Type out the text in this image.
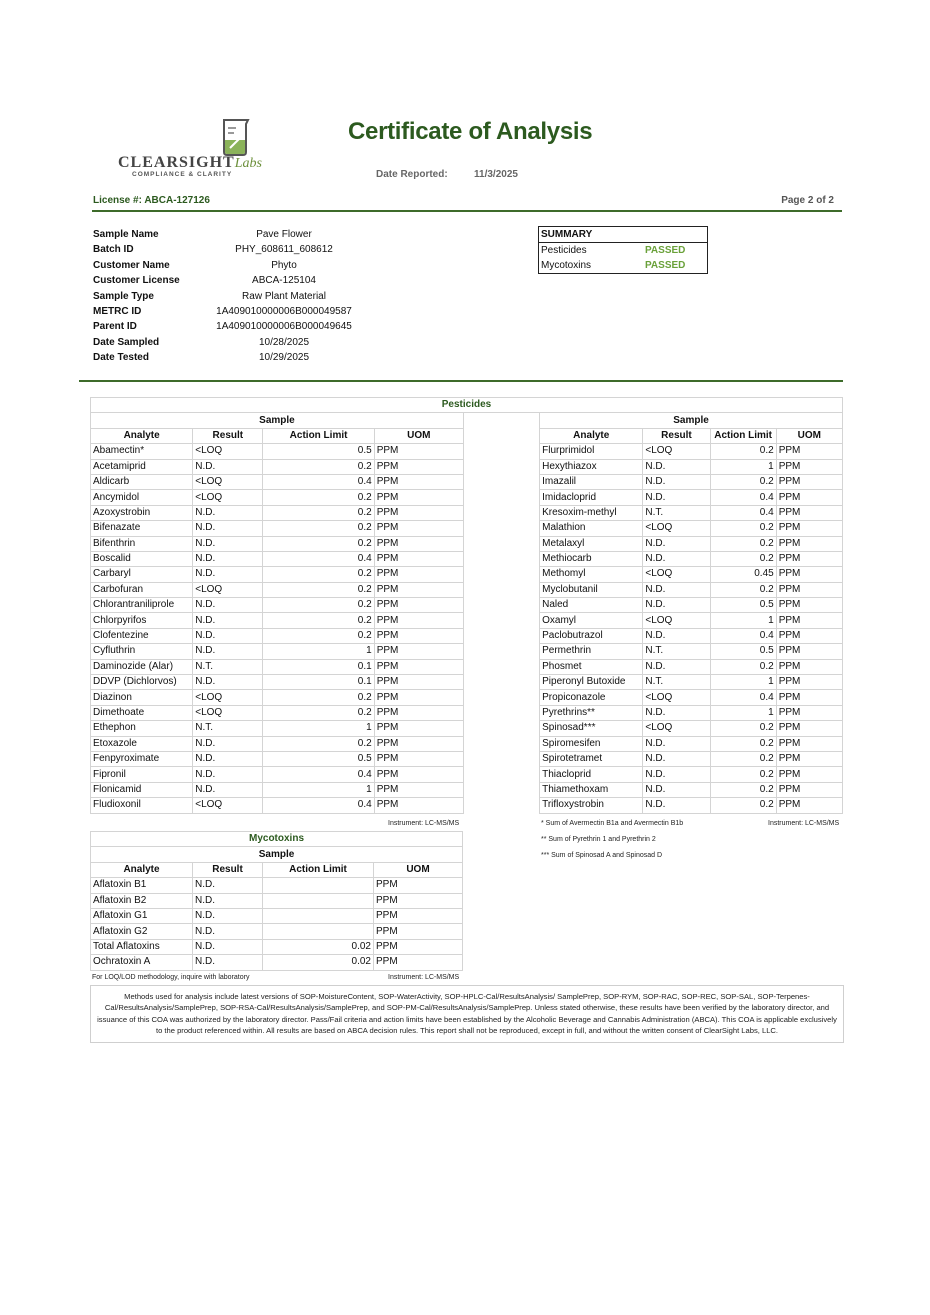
CLEARSIGHTLabs
COMPLIANCE & CLARITY
Certificate of Analysis
Date Reported:	11/3/2025
License #: ABCA-127126	Page 2 of 2
Sample Name	Pave Flower
Batch ID	PHY_608611_608612
Customer Name	Phyto
Customer License	ABCA-125104
Sample Type	Raw Plant Material
METRC ID	1A409010000006B000049587
Parent ID	1A409010000006B000049645
Date Sampled	10/28/2025
Date Tested	10/29/2025
SUMMARY	
Pesticides	PASSED
Mycotoxins	PASSED
Pesticides								
Sample					Sample			
Analyte	Result	Action Limit	UOM		Analyte	Result	Action Limit	UOM
Abamectin*	<LOQ	0.5	PPM		Flurprimidol	<LOQ	0.2	PPM
Acetamiprid	N.D.	0.2	PPM		Hexythiazox	N.D.	1	PPM
Aldicarb	<LOQ	0.4	PPM		Imazalil	N.D.	0.2	PPM
Ancymidol	<LOQ	0.2	PPM		Imidacloprid	N.D.	0.4	PPM
Azoxystrobin	N.D.	0.2	PPM		Kresoxim-methyl	N.T.	0.4	PPM
Bifenazate	N.D.	0.2	PPM		Malathion	<LOQ	0.2	PPM
Bifenthrin	N.D.	0.2	PPM		Metalaxyl	N.D.	0.2	PPM
Boscalid	N.D.	0.4	PPM		Methiocarb	N.D.	0.2	PPM
Carbaryl	N.D.	0.2	PPM		Methomyl	<LOQ	0.45	PPM
Carbofuran	<LOQ	0.2	PPM		Myclobutanil	N.D.	0.2	PPM
Chlorantraniliprole	N.D.	0.2	PPM		Naled	N.D.	0.5	PPM
Chlorpyrifos	N.D.	0.2	PPM		Oxamyl	<LOQ	1	PPM
Clofentezine	N.D.	0.2	PPM		Paclobutrazol	N.D.	0.4	PPM
Cyfluthrin	N.D.	1	PPM		Permethrin	N.T.	0.5	PPM
Daminozide (Alar)	N.T.	0.1	PPM		Phosmet	N.D.	0.2	PPM
DDVP (Dichlorvos)	N.D.	0.1	PPM		Piperonyl Butoxide	N.T.	1	PPM
Diazinon	<LOQ	0.2	PPM		Propiconazole	<LOQ	0.4	PPM
Dimethoate	<LOQ	0.2	PPM		Pyrethrins**	N.D.	1	PPM
Ethephon	N.T.	1	PPM		Spinosad***	<LOQ	0.2	PPM
Etoxazole	N.D.	0.2	PPM		Spiromesifen	N.D.	0.2	PPM
Fenpyroximate	N.D.	0.5	PPM		Spirotetramet	N.D.	0.2	PPM
Fipronil	N.D.	0.4	PPM		Thiacloprid	N.D.	0.2	PPM
Flonicamid	N.D.	1	PPM		Thiamethoxam	N.D.	0.2	PPM
Fludioxonil	<LOQ	0.4	PPM		Trifloxystrobin	N.D.	0.2	PPM
Instrument: LC-MS/MS	Instrument: LC-MS/MS
* Sum of Avermectin B1a and Avermectin B1b
** Sum of Pyrethrin 1 and Pyrethrin 2
*** Sum of Spinosad A and Spinosad D
Mycotoxins			
Sample			
Analyte	Result	Action Limit	UOM
Aflatoxin B1	N.D.		PPM
Aflatoxin B2	N.D.		PPM
Aflatoxin G1	N.D.		PPM
Aflatoxin G2	N.D.		PPM
Total Aflatoxins	N.D.	0.02	PPM
Ochratoxin A	N.D.	0.02	PPM
For LOQ/LOD methodology, inquire with laboratory	Instrument: LC-MS/MS
Methods used for analysis include latest versions of SOP-MoistureContent, SOP-WaterActivity, SOP-HPLC-Cal/ResultsAnalysis/ SamplePrep, SOP-RYM, SOP-RAC, SOP-REC, SOP-SAL, SOP-Terpenes-Cal/ResultsAnalysis/SamplePrep, SOP-RSA-Cal/ResultsAnalysis/SamplePrep, and SOP-PM-Cal/ResultsAnalysis/SamplePrep. Unless stated otherwise, these results have been verified by the laboratory director, and issuance of this COA was authorized by the laboratory director. Pass/Fail criteria and action limits have been established by the Alcoholic Beverage and Cannabis Administration (ABCA). This COA is applicable exclusively to the product referenced within. All results are based on ABCA decision rules. This report shall not be reproduced, except in full, and without the written consent of ClearSight Labs, LLC.
